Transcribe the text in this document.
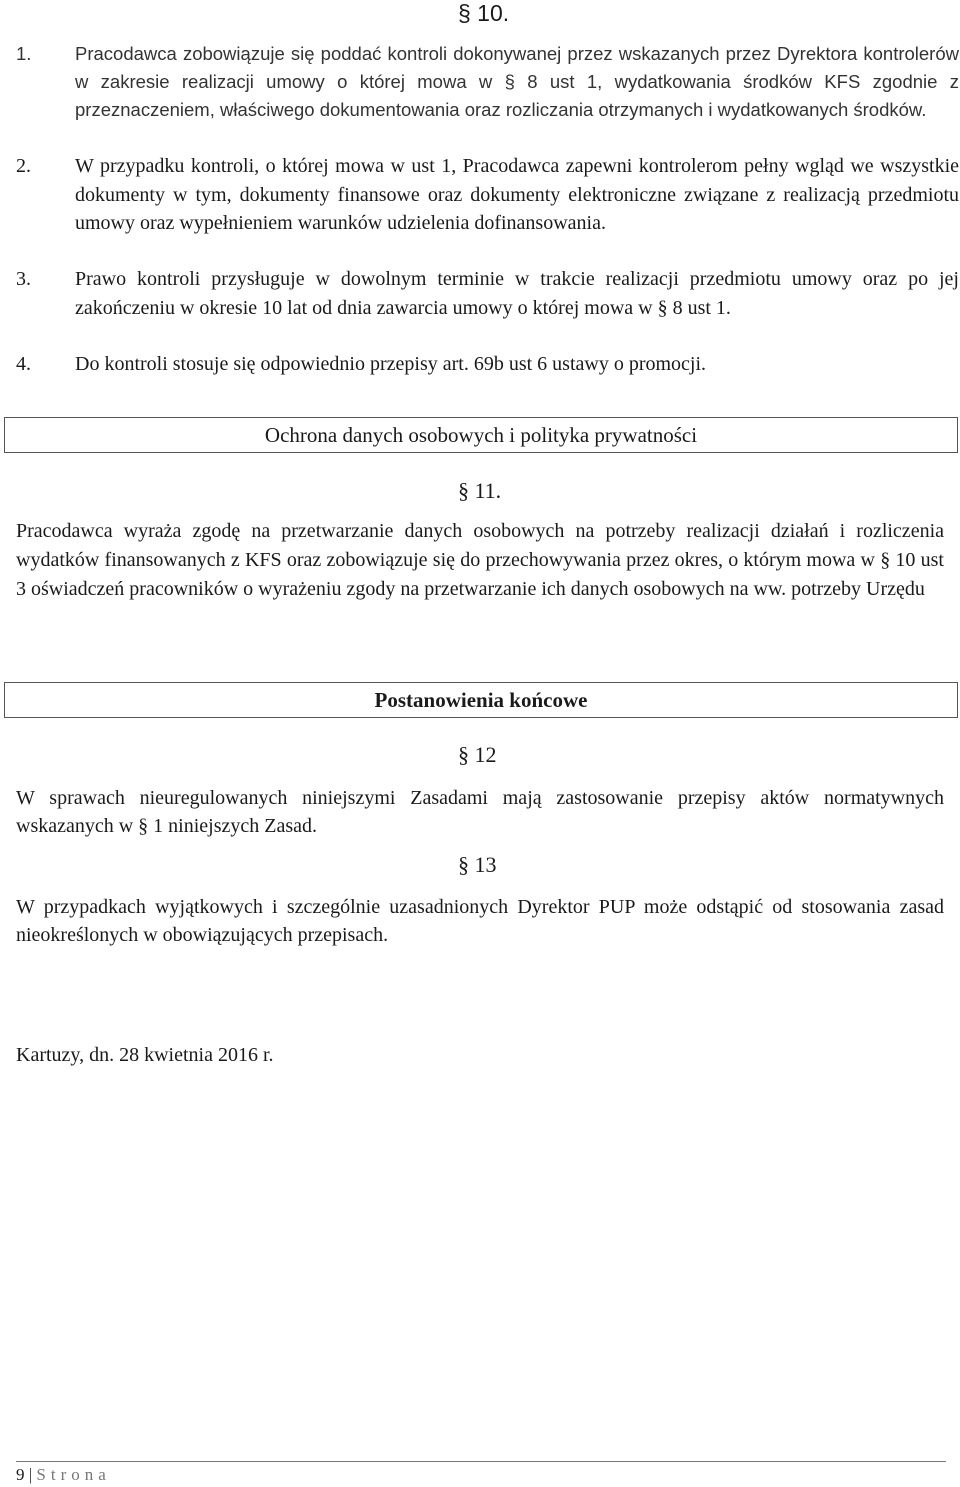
§ 10.
1.	Pracodawca zobowiązuje się poddać kontroli dokonywanej przez wskazanych przez Dyrektora kontrolerów w zakresie realizacji umowy o której mowa w § 8 ust 1, wydatkowania środków KFS zgodnie z przeznaczeniem, właściwego dokumentowania oraz rozliczania otrzymanych i wydatkowanych środków.
2.	W przypadku kontroli, o której mowa w ust 1, Pracodawca zapewni kontrolerom pełny wgląd we wszystkie dokumenty w tym, dokumenty finansowe oraz dokumenty elektroniczne związane z realizacją przedmiotu umowy oraz wypełnieniem warunków udzielenia dofinansowania.
3.	Prawo kontroli przysługuje w dowolnym terminie w trakcie realizacji przedmiotu umowy oraz po jej zakończeniu w okresie 10 lat od dnia zawarcia umowy o której mowa w § 8 ust 1.
4.	Do kontroli stosuje się odpowiednio przepisy art. 69b ust 6 ustawy o promocji.
Ochrona danych osobowych i polityka prywatności
§ 11.
Pracodawca wyraża zgodę na przetwarzanie danych osobowych na potrzeby realizacji działań i rozliczenia wydatków finansowanych z KFS oraz zobowiązuje się do przechowywania przez okres, o którym mowa w § 10 ust 3 oświadczeń pracowników o wyrażeniu zgody na przetwarzanie ich danych osobowych na ww. potrzeby Urzędu
Postanowienia końcowe
§ 12
W sprawach nieuregulowanych niniejszymi Zasadami mają zastosowanie przepisy aktów normatywnych wskazanych w § 1 niniejszych Zasad.
§ 13
W przypadkach wyjątkowych i szczególnie uzasadnionych Dyrektor PUP może odstąpić od stosowania zasad nieokreślonych w obowiązujących przepisach.
Kartuzy, dn. 28 kwietnia 2016 r.
9 | Strona
